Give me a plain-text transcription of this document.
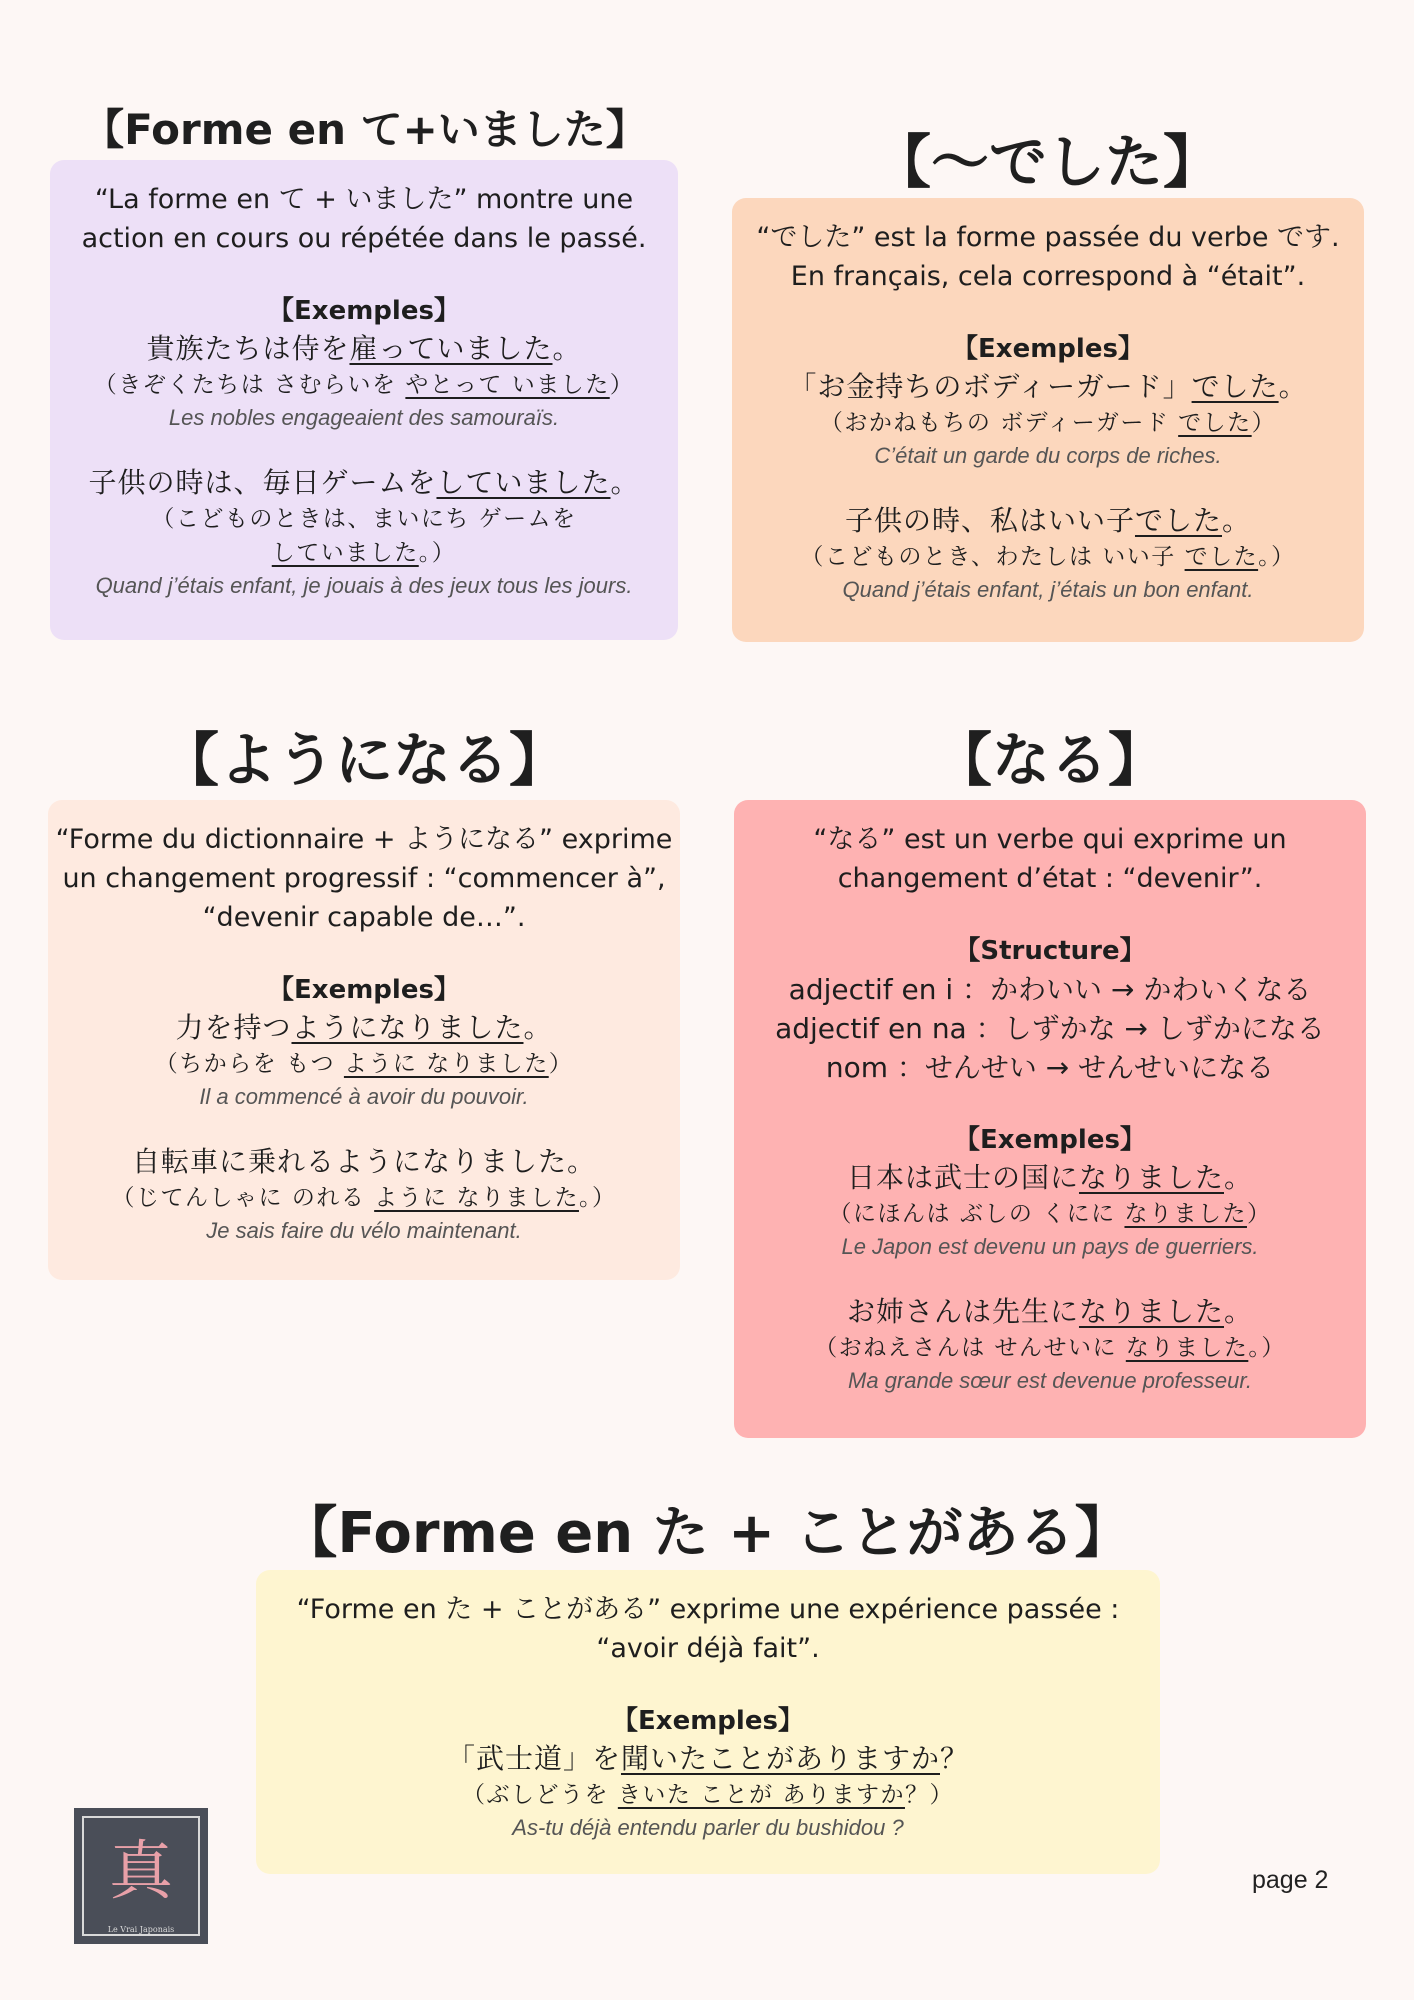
【Forme en て+いました】
“La forme en て + いました” montre une
action en cours ou répétée dans le passé.
【Exemples】
貴族たちは侍を雇っていました。
（きぞくたちは さむらいを やとって いました）
Les nobles engageaient des samouraïs.
子供の時は、毎日ゲームをしていました。
（こどものときは、まいにち ゲームを
していました。）
Quand j’étais enfant, je jouais à des jeux tous les jours.
【〜でした】
“でした” est la forme passée du verbe です.
En français, cela correspond à “était”.
【Exemples】
「お金持ちのボディーガード」でした。
（おかねもちの ボディーガード でした）
C’était un garde du corps de riches.
子供の時、私はいい子でした。
（こどものとき、わたしは いい子 でした。）
Quand j’étais enfant, j’étais un bon enfant.
【ようになる】
“Forme du dictionnaire + ようになる” exprime
un changement progressif : “commencer à”,
“devenir capable de…”.
【Exemples】
力を持つようになりました。
（ちからを もつ ように なりました）
Il a commencé à avoir du pouvoir.
自転車に乗れるようになりました。
（じてんしゃに のれる ように なりました。）
Je sais faire du vélo maintenant.
【なる】
“なる” est un verbe qui exprime un
changement d’état : “devenir”.
【Structure】
adjectif en i ：かわいい → かわいくなる
adjectif en na ：しずかな → しずかになる
nom ：せんせい → せんせいになる
【Exemples】
日本は武士の国になりました。
（にほんは ぶしの くにに なりました）
Le Japon est devenu un pays de guerriers.
お姉さんは先生になりました。
（おねえさんは せんせいに なりました。）
Ma grande sœur est devenue professeur.
【Forme en た + ことがある】
“Forme en た + ことがある” exprime une expérience passée :
“avoir déjà fait”.
【Exemples】
「武士道」を聞いたことがありますか？
（ぶしどうを きいた ことが ありますか？）
As-tu déjà entendu parler du bushidou ?
真
Le Vrai Japonais
page 2
